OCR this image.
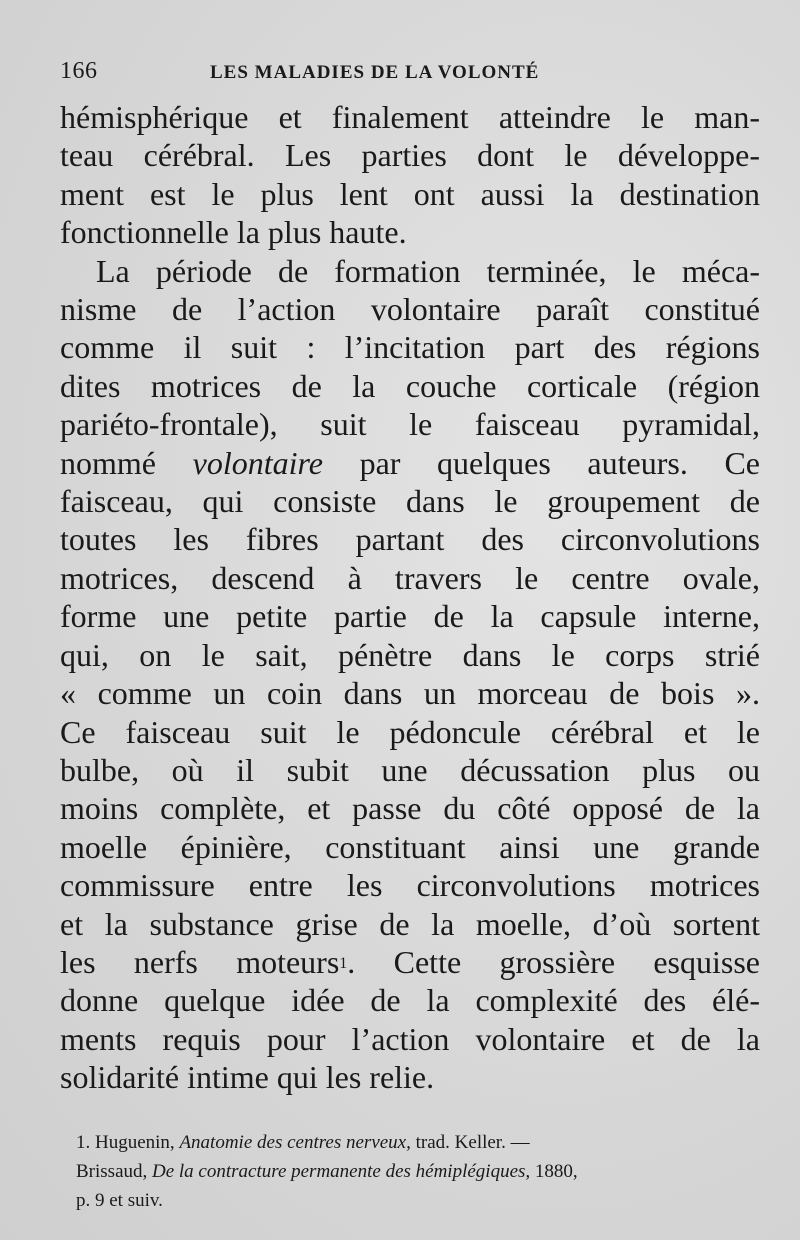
166	LES MALADIES DE LA VOLONTÉ

hémisphérique et finalement atteindre le man-
teau cérébral. Les parties dont le développe-
ment est le plus lent ont aussi la destination
fonctionnelle la plus haute.

La période de formation terminée, le méca-
nisme de l’action volontaire paraît constitué
comme il suit : l’incitation part des régions
dites motrices de la couche corticale (région
pariéto-frontale), suit le faisceau pyramidal,
nommé volontaire par quelques auteurs. Ce
faisceau, qui consiste dans le groupement de
toutes les fibres partant des circonvolutions
motrices, descend à travers le centre ovale,
forme une petite partie de la capsule interne,
qui, on le sait, pénètre dans le corps strié
« comme un coin dans un morceau de bois ».
Ce faisceau suit le pédoncule cérébral et le
bulbe, où il subit une décussation plus ou
moins complète, et passe du côté opposé de la
moelle épinière, constituant ainsi une grande
commissure entre les circonvolutions motrices
et la substance grise de la moelle, d’où sortent
les nerfs moteurs$^1$. Cette grossière esquisse
donne quelque idée de la complexité des élé-
ments requis pour l’action volontaire et de la
solidarité intime qui les relie.

1. Huguenin, Anatomie des centres nerveux, trad. Keller. —
Brissaud, De la contracture permanente des hémiplégiques, 1880,
p. 9 et suiv.
